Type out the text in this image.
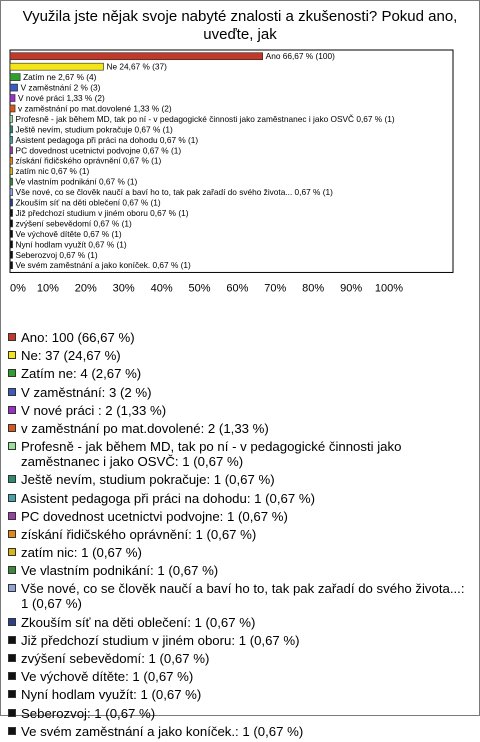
Využila jste nějak svoje nabyté znalosti a zkušenosti? Pokud ano,
uveďte, jak
Ano 66,67 % (100)
Ne 24,67 % (37)
Zatím ne 2,67 % (4)
V zaměstnání 2 % (3)
V nové práci 1,33 % (2)
v zaměstnání po mat.dovolené 1,33 % (2)
Profesně - jak během MD, tak po ní - v pedagogické činnosti jako zaměstnanec i jako OSVČ 0,67 % (1)
Ještě nevím, studium pokračuje 0,67 % (1)
Asistent pedagoga při práci na dohodu 0,67 % (1)
PC dovednost ucetnictvi podvojne 0,67 % (1)
získání řidičského oprávnění 0,67 % (1)
zatím nic 0,67 % (1)
Ve vlastním podnikání 0,67 % (1)
Vše nové, co se člověk naučí a baví ho to, tak pak zařadí do svého života... 0,67 % (1)
Zkouším síť na děti oblečení 0,67 % (1)
Již předchozí studium v jiném oboru 0,67 % (1)
zvýšení sebevědomí 0,67 % (1)
Ve výchově dítěte 0,67 % (1)
Nyní hodlam využít 0,67 % (1)
Seberozvoj 0,67 % (1)
Ve svém zaměstnání a jako koníček. 0,67 % (1)
0% 10% 20% 30% 40% 50% 60% 70% 80% 90% 100%
Ano: 100 (66,67 %)
Ne: 37 (24,67 %)
Zatím ne: 4 (2,67 %)
V zaměstnání: 3 (2 %)
V nové práci : 2 (1,33 %)
v zaměstnání po mat.dovolené: 2 (1,33 %)
Profesně - jak během MD, tak po ní - v pedagogické činnosti jako zaměstnanec i jako OSVČ: 1 (0,67 %)
Ještě nevím, studium pokračuje: 1 (0,67 %)
Asistent pedagoga při práci na dohodu: 1 (0,67 %)
PC dovednost ucetnictvi podvojne: 1 (0,67 %)
získání řidičského oprávnění: 1 (0,67 %)
zatím nic: 1 (0,67 %)
Ve vlastním podnikání: 1 (0,67 %)
Vše nové, co se člověk naučí a baví ho to, tak pak zařadí do svého života...: 1 (0,67 %)
Zkouším síť na děti oblečení: 1 (0,67 %)
Již předchozí studium v jiném oboru: 1 (0,67 %)
zvýšení sebevědomí: 1 (0,67 %)
Ve výchově dítěte: 1 (0,67 %)
Nyní hodlam využít: 1 (0,67 %)
Seberozvoj: 1 (0,67 %)
Ve svém zaměstnání a jako koníček.: 1 (0,67 %)
